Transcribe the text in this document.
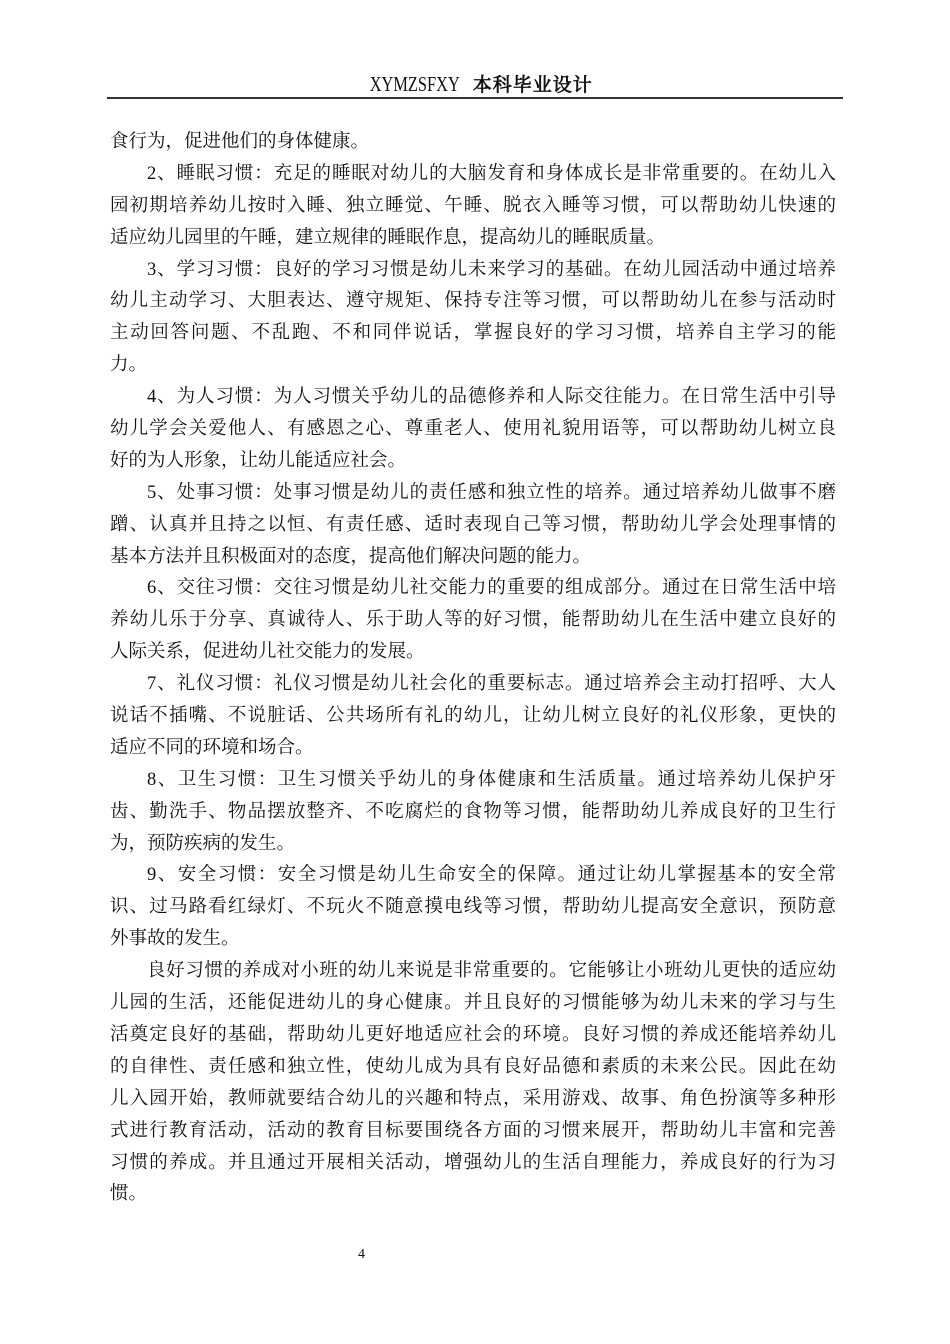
XYMZSFXY 本科毕业设计
食行为，促进他们的身体健康。
2、睡眠习惯：充足的睡眠对幼儿的大脑发育和身体成长是非常重要的。在幼儿入
园初期培养幼儿按时入睡、独立睡觉、午睡、脱衣入睡等习惯，可以帮助幼儿快速的
适应幼儿园里的午睡，建立规律的睡眠作息，提高幼儿的睡眠质量。
3、学习习惯：良好的学习习惯是幼儿未来学习的基础。在幼儿园活动中通过培养
幼儿主动学习、大胆表达、遵守规矩、保持专注等习惯，可以帮助幼儿在参与活动时
主动回答问题、不乱跑、不和同伴说话，掌握良好的学习习惯，培养自主学习的能
力。
4、为人习惯：为人习惯关乎幼儿的品德修养和人际交往能力。在日常生活中引导
幼儿学会关爱他人、有感恩之心、尊重老人、使用礼貌用语等，可以帮助幼儿树立良
好的为人形象，让幼儿能适应社会。
5、处事习惯：处事习惯是幼儿的责任感和独立性的培养。通过培养幼儿做事不磨
蹭、认真并且持之以恒、有责任感、适时表现自己等习惯，帮助幼儿学会处理事情的
基本方法并且积极面对的态度，提高他们解决问题的能力。
6、交往习惯：交往习惯是幼儿社交能力的重要的组成部分。通过在日常生活中培
养幼儿乐于分享、真诚待人、乐于助人等的好习惯，能帮助幼儿在生活中建立良好的
人际关系，促进幼儿社交能力的发展。
7、礼仪习惯：礼仪习惯是幼儿社会化的重要标志。通过培养会主动打招呼、大人
说话不插嘴、不说脏话、公共场所有礼的幼儿，让幼儿树立良好的礼仪形象，更快的
适应不同的环境和场合。
8、卫生习惯：卫生习惯关乎幼儿的身体健康和生活质量。通过培养幼儿保护牙
齿、勤洗手、物品摆放整齐、不吃腐烂的食物等习惯，能帮助幼儿养成良好的卫生行
为，预防疾病的发生。
9、安全习惯：安全习惯是幼儿生命安全的保障。通过让幼儿掌握基本的安全常
识、过马路看红绿灯、不玩火不随意摸电线等习惯，帮助幼儿提高安全意识，预防意
外事故的发生。
良好习惯的养成对小班的幼儿来说是非常重要的。它能够让小班幼儿更快的适应幼
儿园的生活，还能促进幼儿的身心健康。并且良好的习惯能够为幼儿未来的学习与生
活奠定良好的基础，帮助幼儿更好地适应社会的环境。良好习惯的养成还能培养幼儿
的自律性、责任感和独立性，使幼儿成为具有良好品德和素质的未来公民。因此在幼
儿入园开始，教师就要结合幼儿的兴趣和特点，采用游戏、故事、角色扮演等多种形
式进行教育活动，活动的教育目标要围绕各方面的习惯来展开，帮助幼儿丰富和完善
习惯的养成。并且通过开展相关活动，增强幼儿的生活自理能力，养成良好的行为习
惯。
4
